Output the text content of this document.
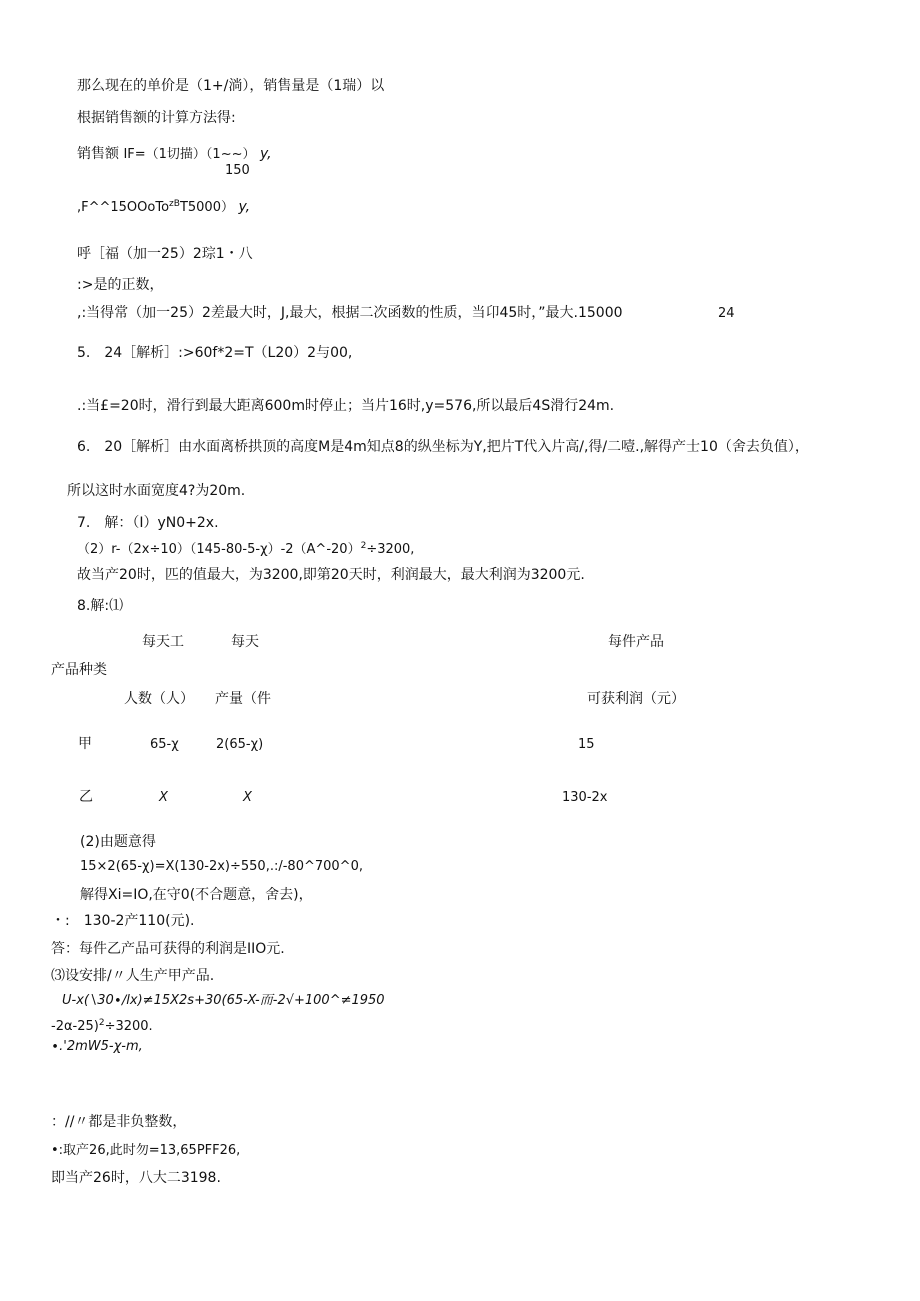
那么现在的单价是（1+/淌），销售量是（1瑞）以
根据销售额的计算方法得:
销售额 IF=（1切描）（1~~） y,
150
,F^^15OOoTo$^{zB}$T5000） y,
呼［福（加一25）2琮1・八
:>是的正数，
,:当得常（加一25）2差最大时，J,最大，根据二次函数的性质，当卬45时，”最大.15000	24
5.　24［解析］:>60f*2=T（L20）2与00,
.:当£=20时，滑行到最大距离600m时停止；当片16时,y=576,所以最后4S滑行24m.
6.　20［解析］由水面离桥拱顶的高度M是4m知点8的纵坐标为Y,把片T代入片高/,得/二噎.,解得产士10（舍去负值），
所以这时水面宽度4?为20m.
7.　解：（I）yN0+2x.
（2）r-（2x÷10）（145-80-5-χ）-2（A^-20）$^2$÷3200,
故当产20时，匹的值最大，为3200,即第20天时，利润最大，最大利润为3200元.
8.解:⑴
每天工	每天	每件产品
产品种类
人数（人） 产量（件	可获利润（元）
甲	65-χ	2(65-χ)	15
乙	X	X	130-2x
(2)由题意得
15×2(65-χ)=X(130-2x)÷550,.:/-80^700^0,
解得Xi=IO,在守0(不合题意，舍去)，
・:　130-2产110(元).
答：每件乙产品可获得的利润是IIO元.
⑶设安排/〃人生产甲产品.
U-x(∖30∙∕lx)≠15X2s+30(65-X-而-2√+100^≠1950
-2α-25)$^2$÷3200.
∙.'2mW5-χ-m,
：//〃都是非负整数，
•:取产26,此时勿=13,65PFF26,
即当产26时，八大二3198.
